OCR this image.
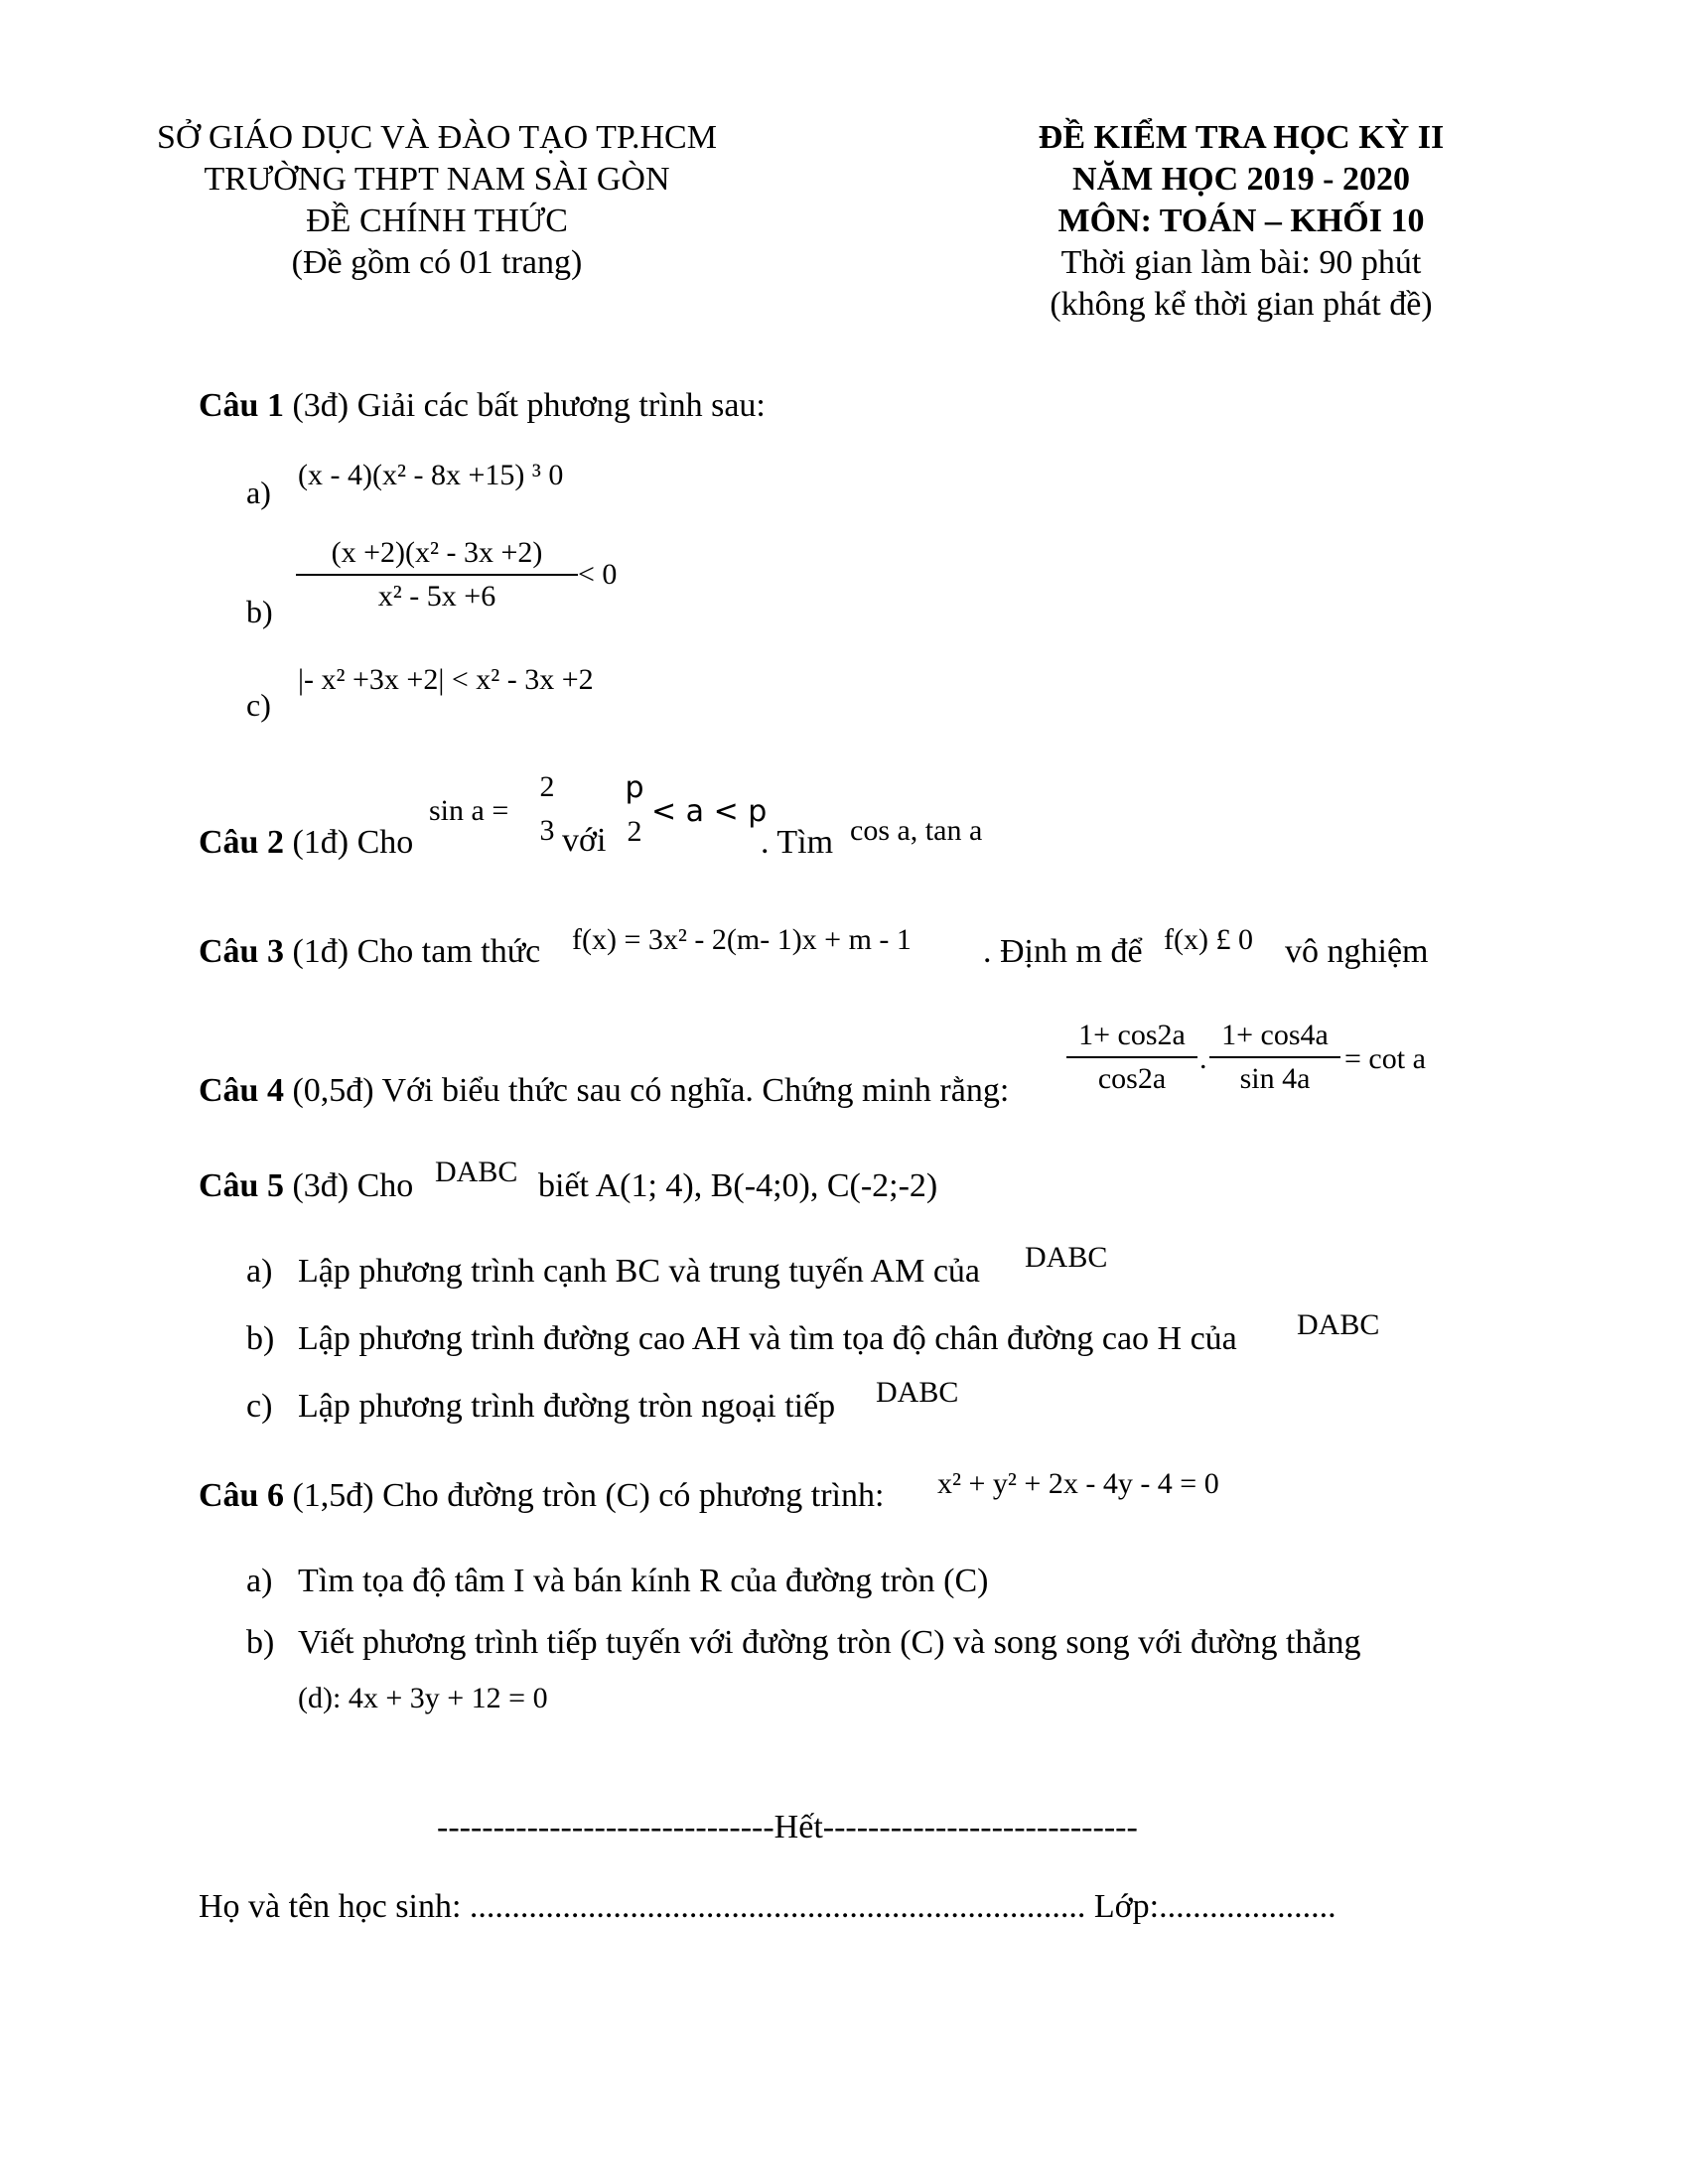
SỞ GIÁO DỤC VÀ ĐÀO TẠO TP.HCM
TRƯỜNG THPT NAM SÀI GÒN
ĐỀ CHÍNH THỨC
(Đề gồm có 01 trang)
ĐỀ KIỂM TRA HỌC KỲ II
NĂM HỌC 2019 - 2020
MÔN: TOÁN – KHỐI 10
Thời gian làm bài: 90 phút
(không kể thời gian phát đề)
Câu 1 (3đ) Giải các bất phương trình sau:
a) (x - 4)(x² - 8x +15) ³ 0
b)
(x +2)(x² - 3x +2)
x² - 5x +6
< 0
c)
|- x² +3x +2| < x² - 3x +2
Câu 2 (1đ) Cho
sin a =
2
3 với
p
2
< a < p
. Tìm cos a, tan a
Câu 3 (1đ) Cho tam thức f(x) = 3x² - 2(m- 1)x + m - 1 . Định m để f(x) £ 0 vô nghiệm
Câu 4 (0,5đ) Với biểu thức sau có nghĩa. Chứng minh rằng:
1+ cos2a
cos2a
.
1+ cos4a
sin 4a
= cot a
Câu 5 (3đ) Cho DABC biết A(1; 4), B(-4;0), C(-2;-2)
a) Lập phương trình cạnh BC và trung tuyến AM của DABC
b) Lập phương trình đường cao AH và tìm tọa độ chân đường cao H của DABC
c) Lập phương trình đường tròn ngoại tiếp DABC
Câu 6 (1,5đ) Cho đường tròn (C) có phương trình: x² + y² + 2x - 4y - 4 = 0
a) Tìm tọa độ tâm I và bán kính R của đường tròn (C)
b) Viết phương trình tiếp tuyến với đường tròn (C) và song song với đường thẳng
(d): 4x + 3y + 12 = 0
------------------------------Hết----------------------------
Họ và tên học sinh: ......................................................................... Lớp:.....................
